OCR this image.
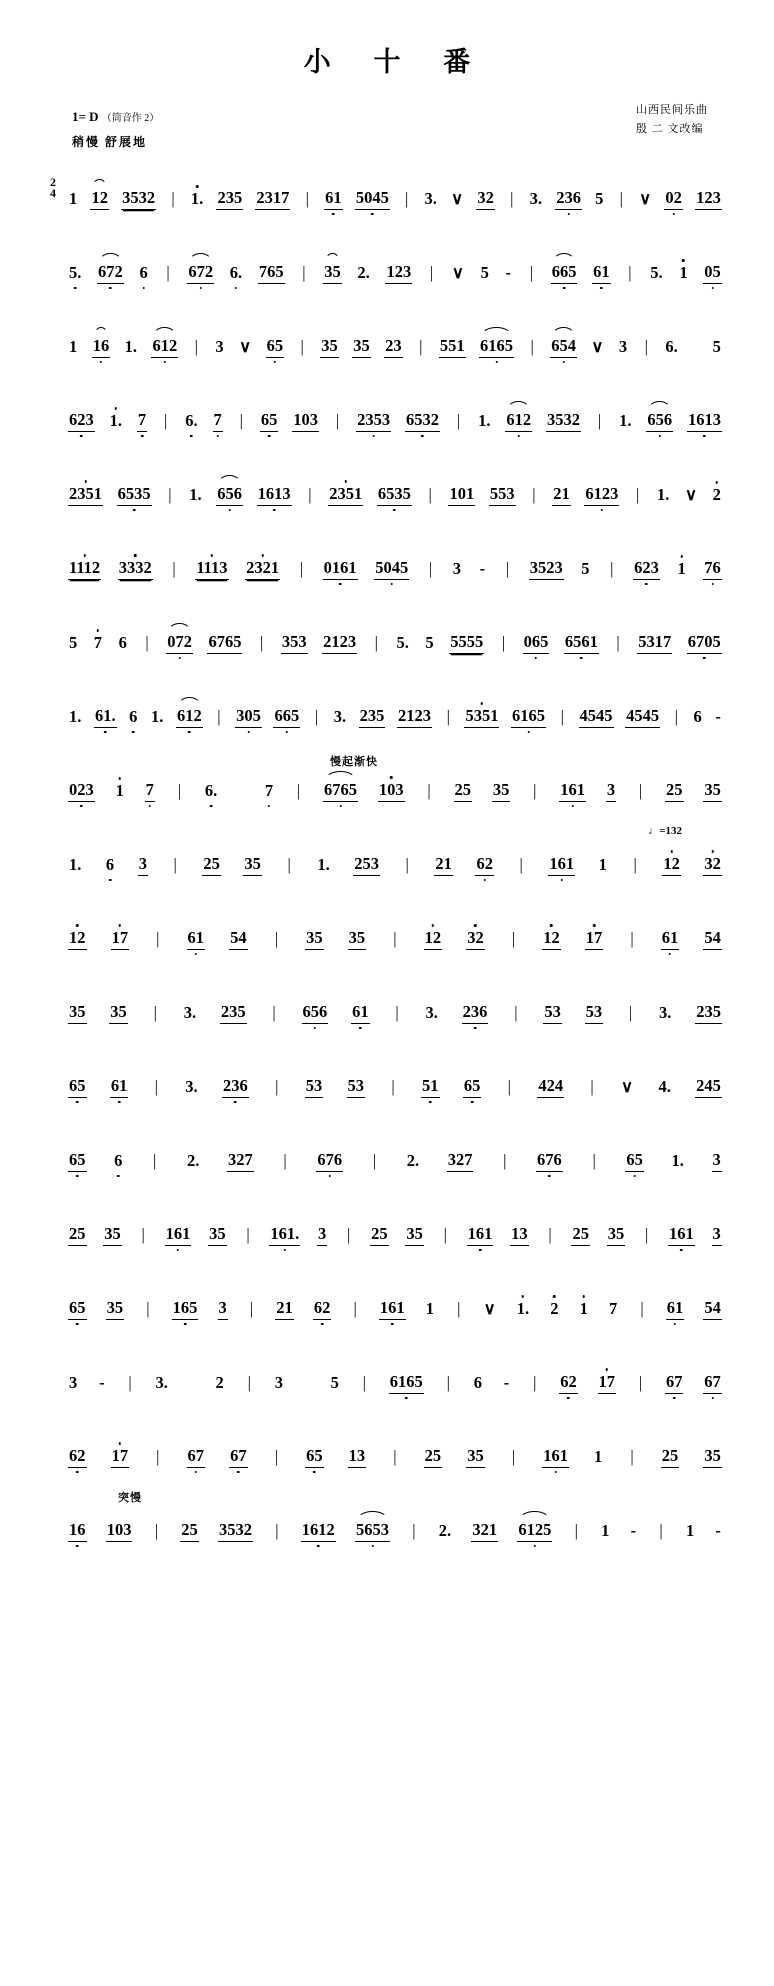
小 十 番
1= D （筒音作 2）
稍慢 舒展地
山西民间乐曲
殷 二 文改编
2
4 1 12 3532 | 1. 235 2317 | 61 5045 | 3. ∨ 32 | 3. 236 5 | ∨ 02 123
5. 672 6 | 672 6. 765 | 35 2. 123 | ∨ 5 - | 665 61 | 5. 1 05
1 16 1. 612 | 3 ∨ 65 | 35 35 23 | 551 6165 | 654 ∨ 3 | 6. 5
623 1. 7 | 6. 7 | 65 103 | 2353 6532 | 1. 612 3532 | 1. 656 1613
2351 6535 | 1. 656 1613 | 2351 6535 | 101 553 | 21 6123 | 1. ∨ 2
1112 3332 | 1113 2321 | 0161 5045 | 3 - | 3523 5 | 623 1 76
5 7 6 | 072 6765 | 353 2123 | 5. 5 5555 | 065 6561 | 5317 6705
1. 61. 6 1. 612 | 305 665 | 3. 235 2123 | 5351 6165 | 4545 4545 | 6 -
慢起渐快
023 1 7 | 6.	7 | 6765 103 | 25 35 | 161 3 | 25 35
♩=132
1. 6 3 | 25 35 | 1. 253 | 21 62 | 161 1 | 12 32
12 17 | 61 54 | 35 35 | 12 32 | 12 17 | 61 54
35 35 | 3. 235 | 656 61 | 3. 236 | 53 53 | 3. 235
65 61 | 3. 236 | 53 53 | 51 65 | 424 | ∨ 4. 245
65 6 | 2. 327 | 676 | 2. 327 | 676 | 65 1. 3
25 35 | 161 35 | 161. 3 | 25 35 | 161 13 | 25 35 | 161 3
65 35 | 165 3 | 21 62 | 161 1 | ∨ 1. 2 1 7 | 61 54
3 - | 3.	2 | 3	5 | 6165 | 6 - | 62 17 | 67 67
62 17 | 67 67 | 65 13 | 25 35 | 161 1 | 25 35
突慢
16 103 | 25 3532 | 1612 5653 | 2. 321 6125 | 1 - | 1 -
